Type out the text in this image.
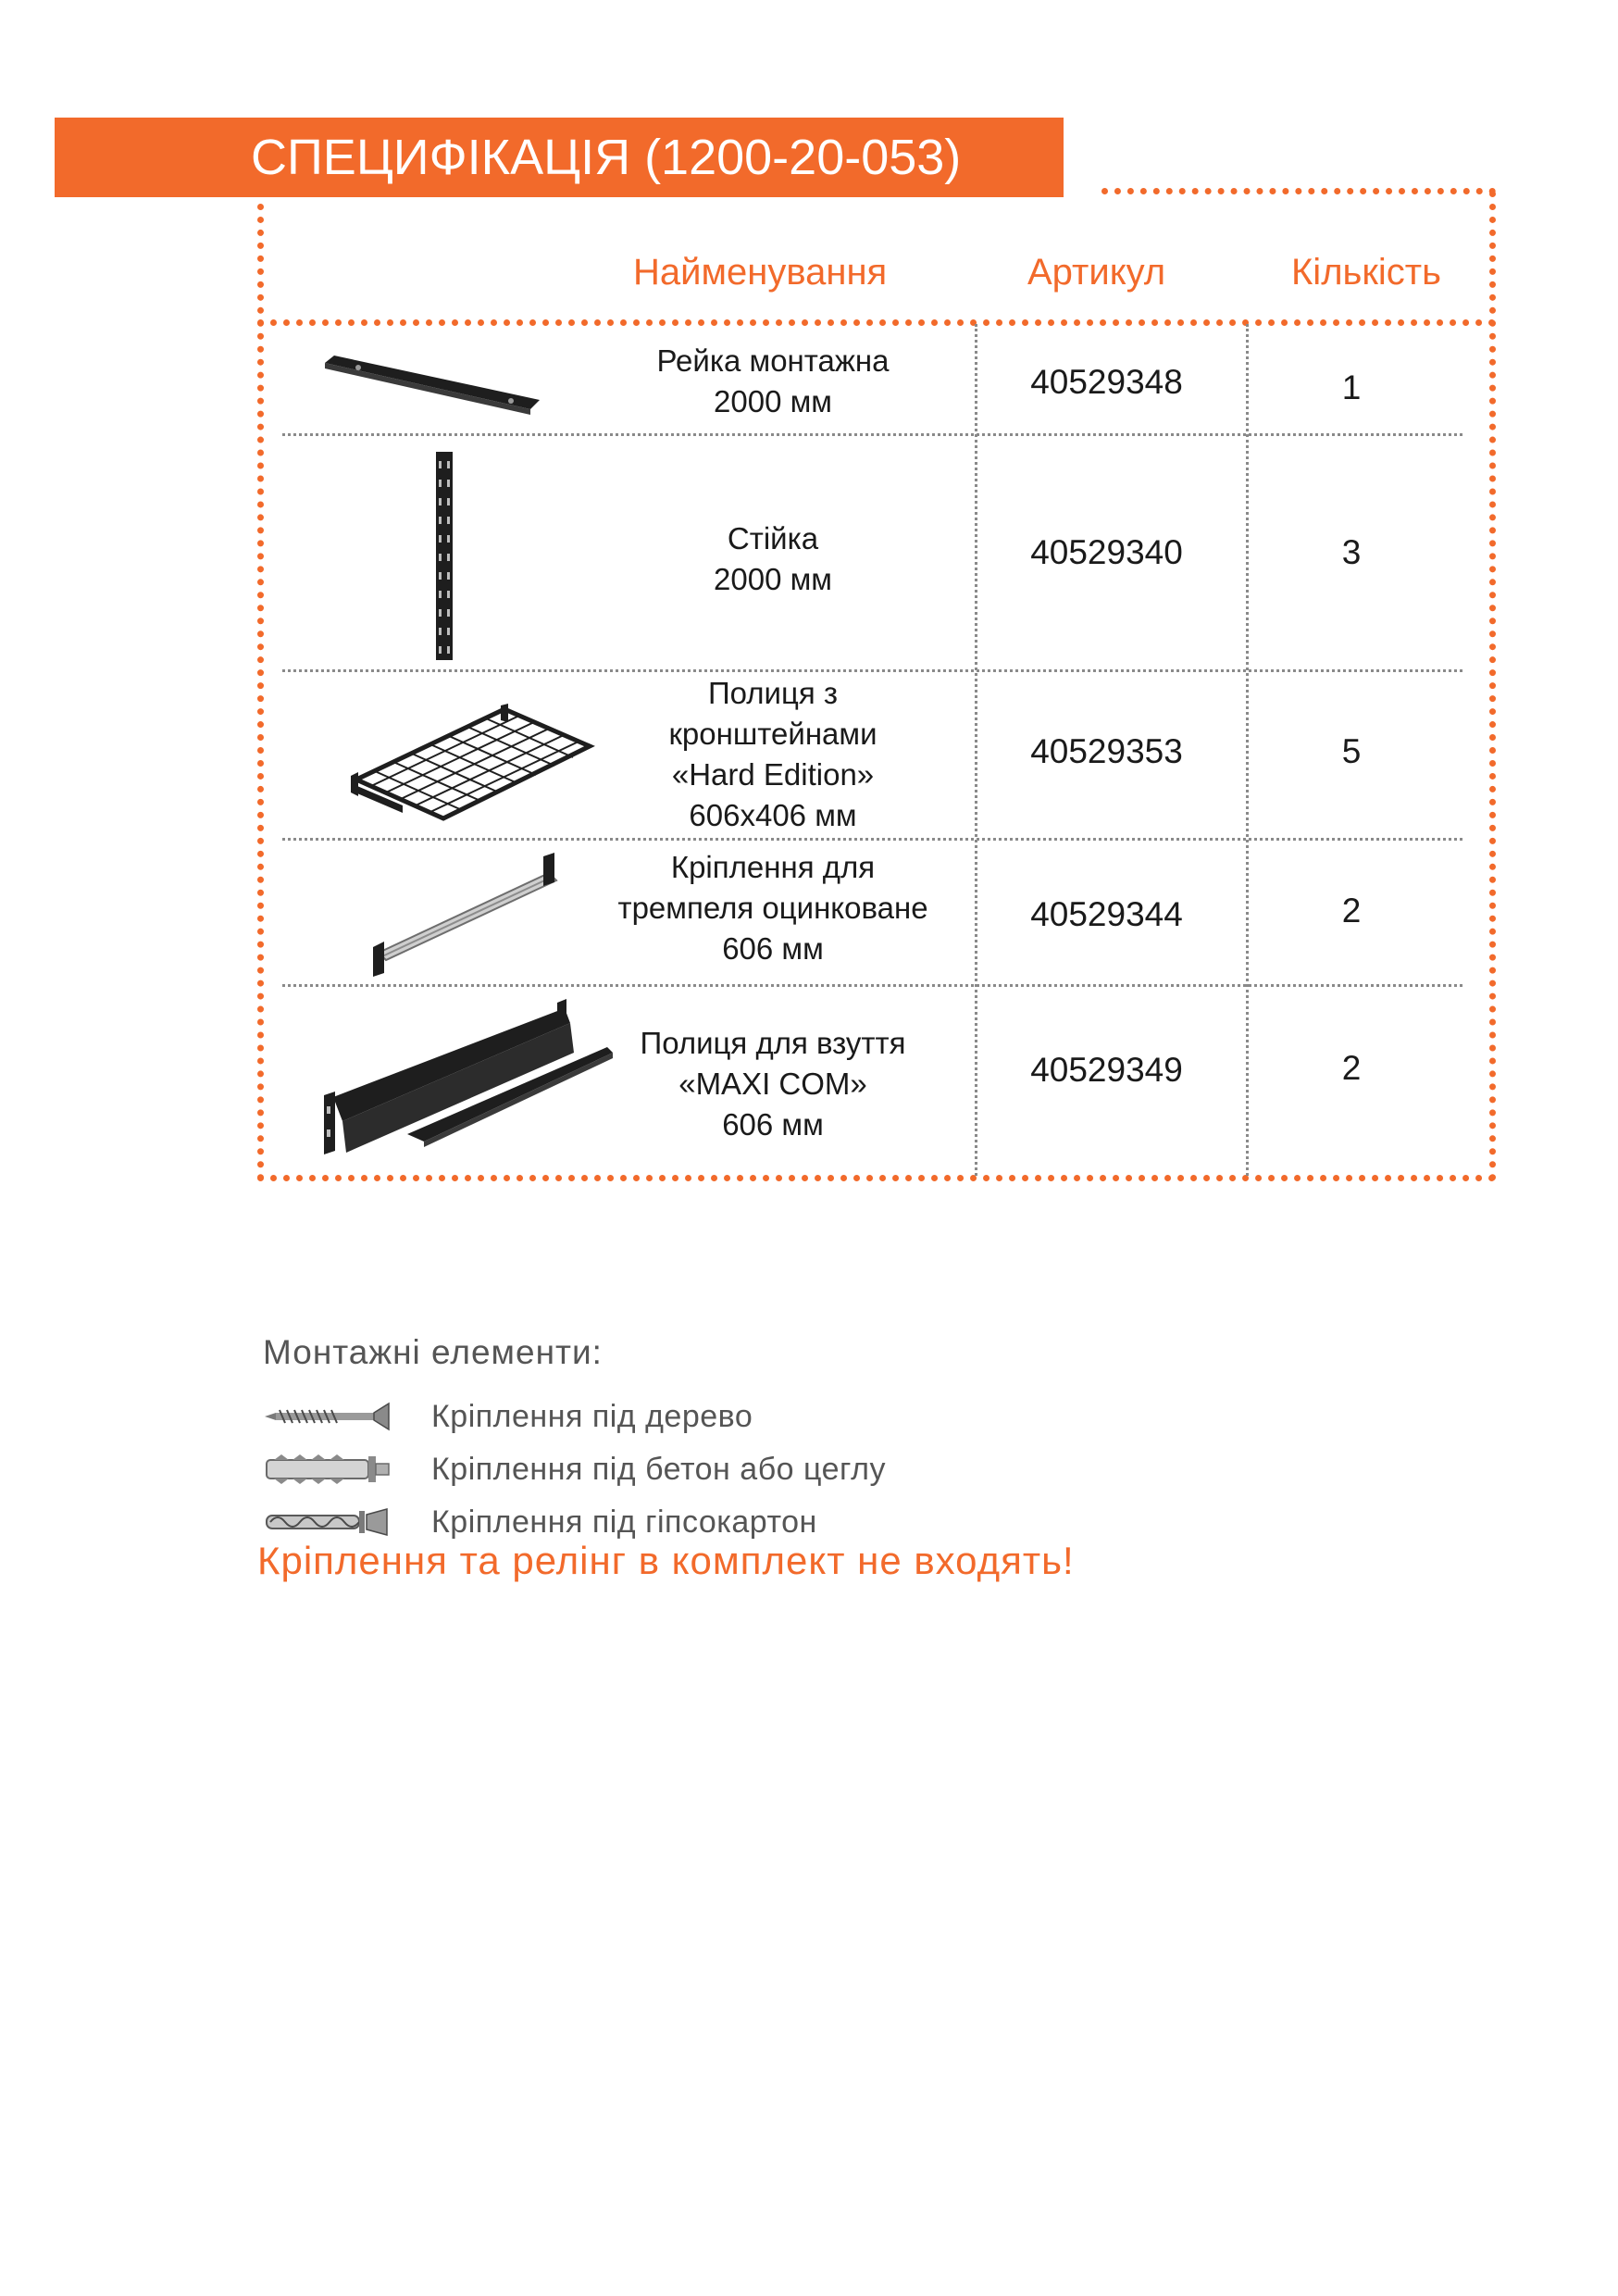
СПЕЦИФІКАЦІЯ (1200-20-053)
Найменування	Артикул	Кількість
Рейка монтажна
2000 мм
40529348	1
Стійка
2000 мм
40529340	3
Полиця з
кронштейнами
«Hard Edition»
606х406 мм
40529353	5
Кріплення для
тремпеля оцинковане
606 мм
40529344	2
Полиця для взуття
«MAXI COM»
606 мм
40529349	2
Монтажні елементи:
Кріплення під дерево
Кріплення під бетон або цеглу
Кріплення під гіпсокартон
Кріплення та релінг в комплект не входять!
